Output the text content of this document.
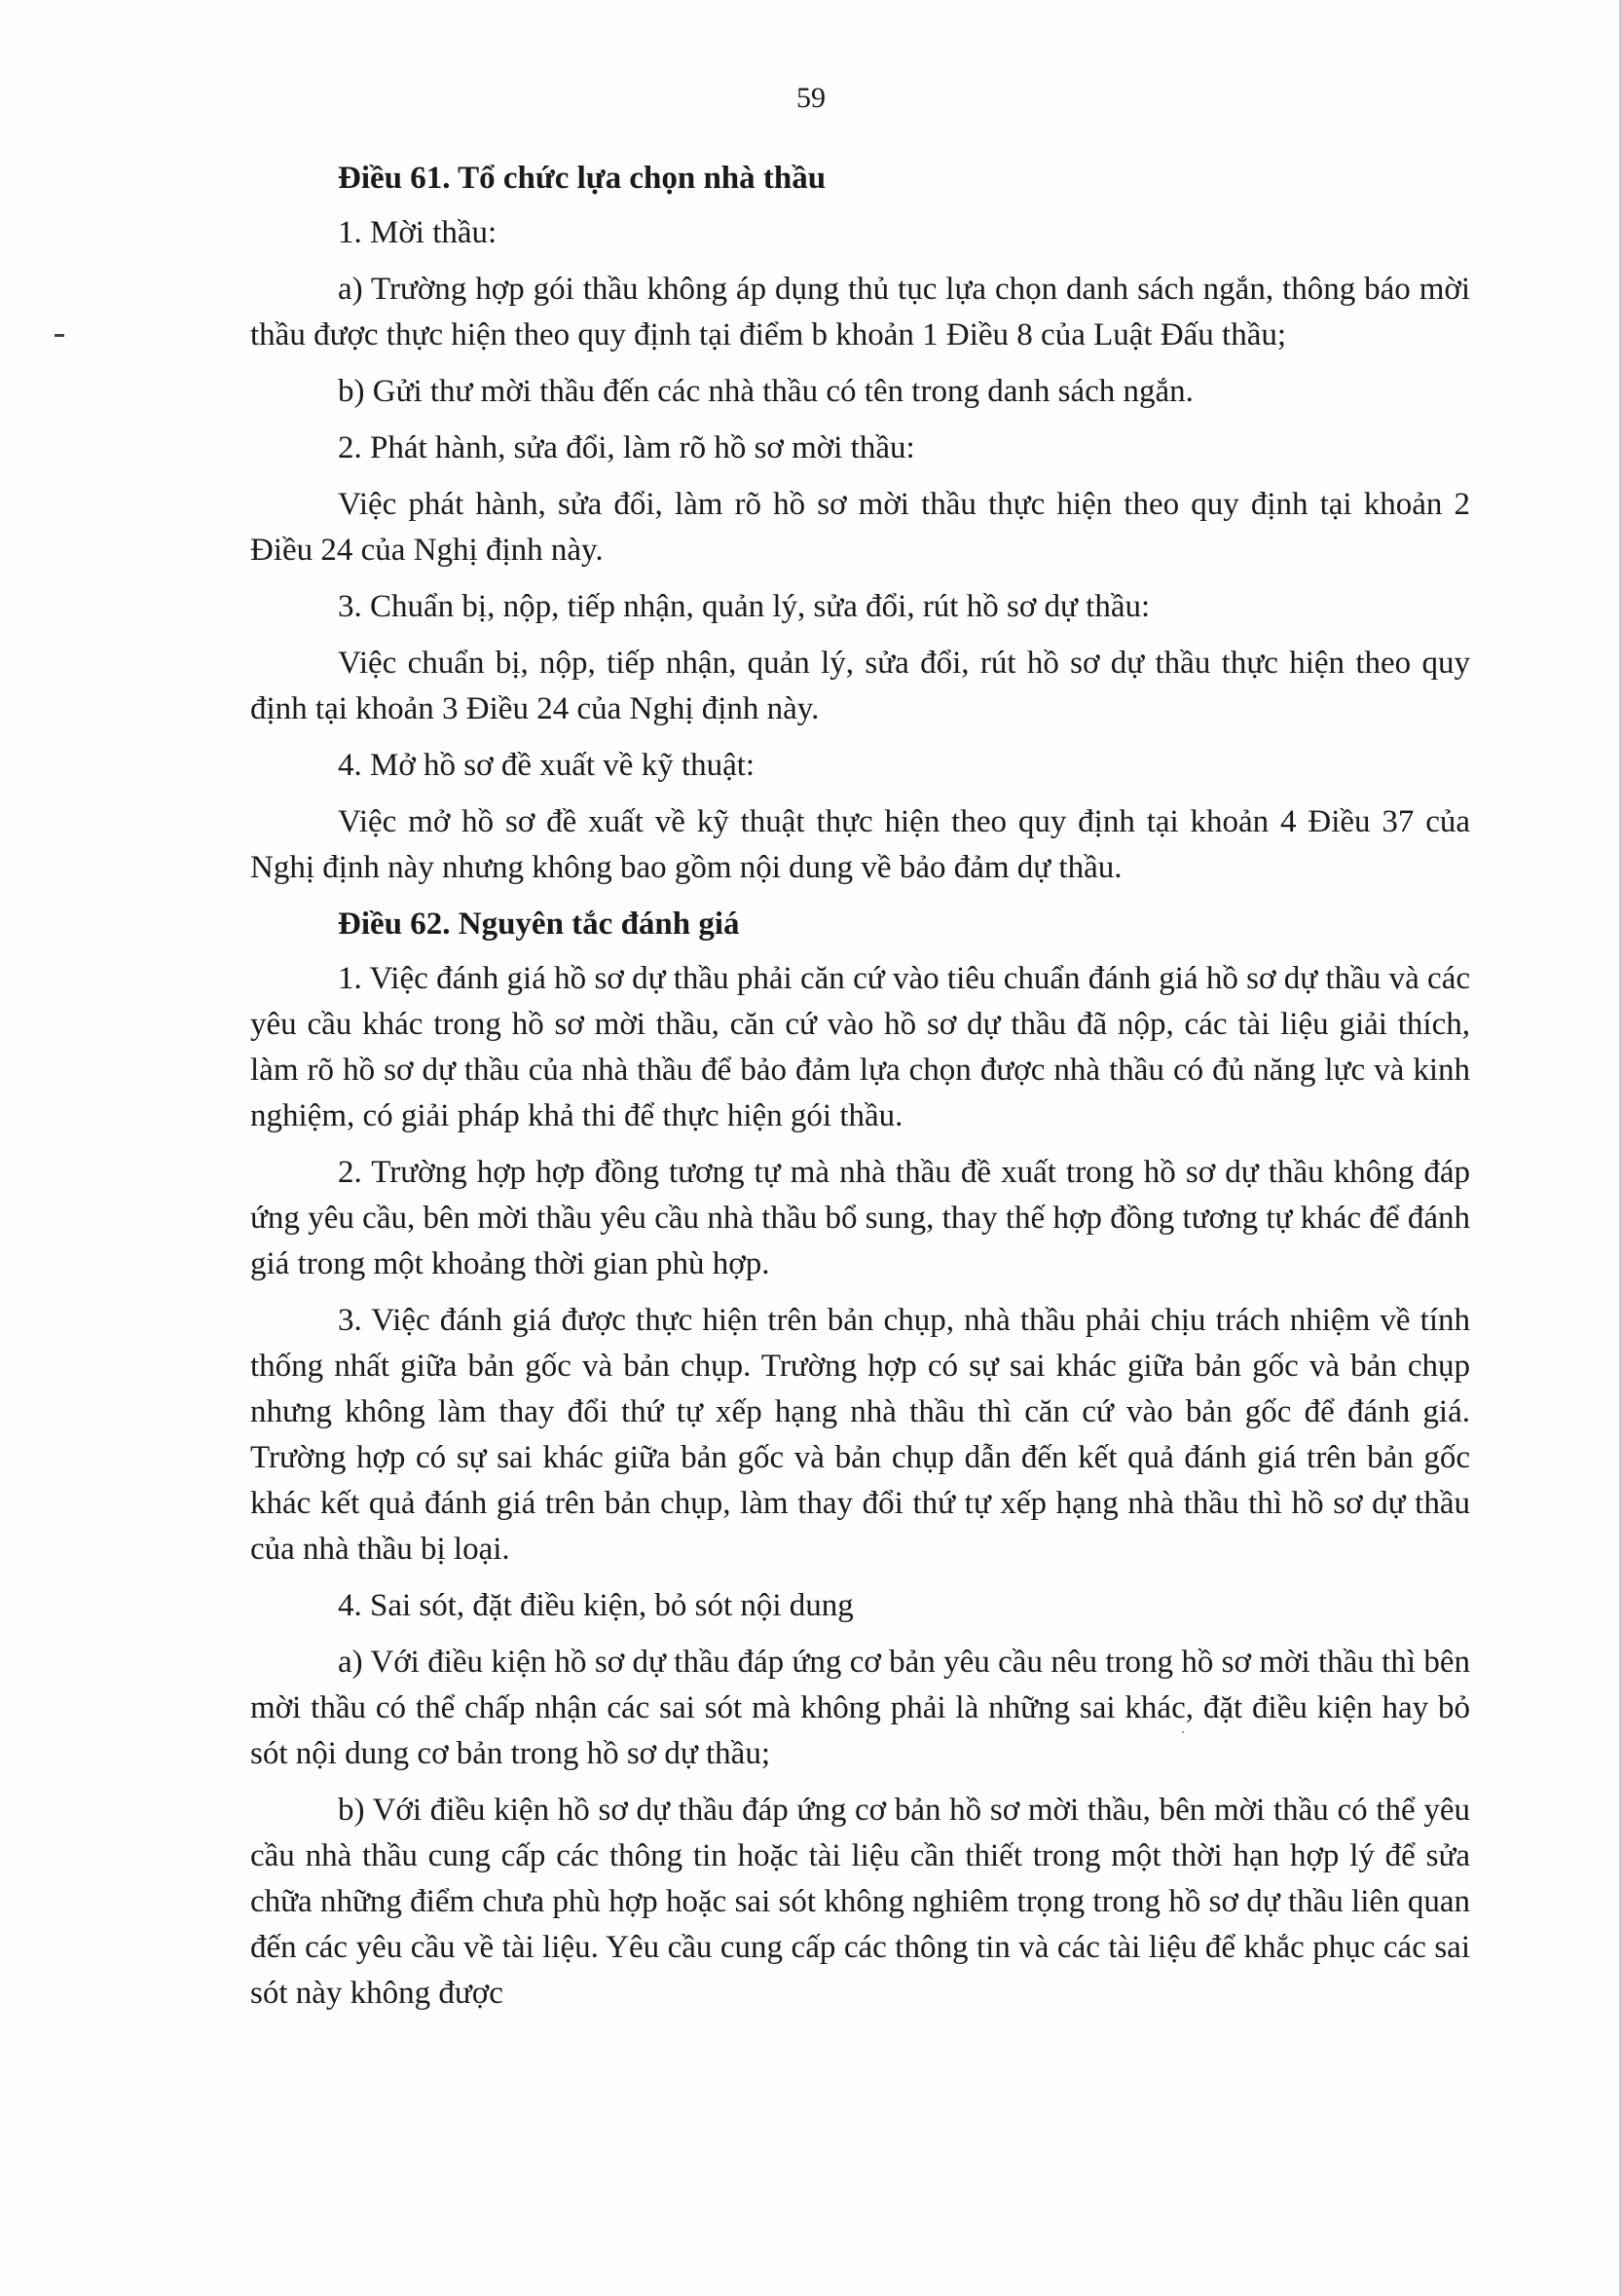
59
Điều 61. Tổ chức lựa chọn nhà thầu
1. Mời thầu:
a) Trường hợp gói thầu không áp dụng thủ tục lựa chọn danh sách ngắn, thông báo mời thầu được thực hiện theo quy định tại điểm b khoản 1 Điều 8 của Luật Đấu thầu;
b) Gửi thư mời thầu đến các nhà thầu có tên trong danh sách ngắn.
2. Phát hành, sửa đổi, làm rõ hồ sơ mời thầu:
Việc phát hành, sửa đổi, làm rõ hồ sơ mời thầu thực hiện theo quy định tại khoản 2 Điều 24 của Nghị định này.
3. Chuẩn bị, nộp, tiếp nhận, quản lý, sửa đổi, rút hồ sơ dự thầu:
Việc chuẩn bị, nộp, tiếp nhận, quản lý, sửa đổi, rút hồ sơ dự thầu thực hiện theo quy định tại khoản 3 Điều 24 của Nghị định này.
4. Mở hồ sơ đề xuất về kỹ thuật:
Việc mở hồ sơ đề xuất về kỹ thuật thực hiện theo quy định tại khoản 4 Điều 37 của Nghị định này nhưng không bao gồm nội dung về bảo đảm dự thầu.
Điều 62. Nguyên tắc đánh giá
1. Việc đánh giá hồ sơ dự thầu phải căn cứ vào tiêu chuẩn đánh giá hồ sơ dự thầu và các yêu cầu khác trong hồ sơ mời thầu, căn cứ vào hồ sơ dự thầu đã nộp, các tài liệu giải thích, làm rõ hồ sơ dự thầu của nhà thầu để bảo đảm lựa chọn được nhà thầu có đủ năng lực và kinh nghiệm, có giải pháp khả thi để thực hiện gói thầu.
2. Trường hợp hợp đồng tương tự mà nhà thầu đề xuất trong hồ sơ dự thầu không đáp ứng yêu cầu, bên mời thầu yêu cầu nhà thầu bổ sung, thay thế hợp đồng tương tự khác để đánh giá trong một khoảng thời gian phù hợp.
3. Việc đánh giá được thực hiện trên bản chụp, nhà thầu phải chịu trách nhiệm về tính thống nhất giữa bản gốc và bản chụp. Trường hợp có sự sai khác giữa bản gốc và bản chụp nhưng không làm thay đổi thứ tự xếp hạng nhà thầu thì căn cứ vào bản gốc để đánh giá. Trường hợp có sự sai khác giữa bản gốc và bản chụp dẫn đến kết quả đánh giá trên bản gốc khác kết quả đánh giá trên bản chụp, làm thay đổi thứ tự xếp hạng nhà thầu thì hồ sơ dự thầu của nhà thầu bị loại.
4. Sai sót, đặt điều kiện, bỏ sót nội dung
a) Với điều kiện hồ sơ dự thầu đáp ứng cơ bản yêu cầu nêu trong hồ sơ mời thầu thì bên mời thầu có thể chấp nhận các sai sót mà không phải là những sai khác, đặt điều kiện hay bỏ sót nội dung cơ bản trong hồ sơ dự thầu;
b) Với điều kiện hồ sơ dự thầu đáp ứng cơ bản hồ sơ mời thầu, bên mời thầu có thể yêu cầu nhà thầu cung cấp các thông tin hoặc tài liệu cần thiết trong một thời hạn hợp lý để sửa chữa những điểm chưa phù hợp hoặc sai sót không nghiêm trọng trong hồ sơ dự thầu liên quan đến các yêu cầu về tài liệu. Yêu cầu cung cấp các thông tin và các tài liệu để khắc phục các sai sót này không được
